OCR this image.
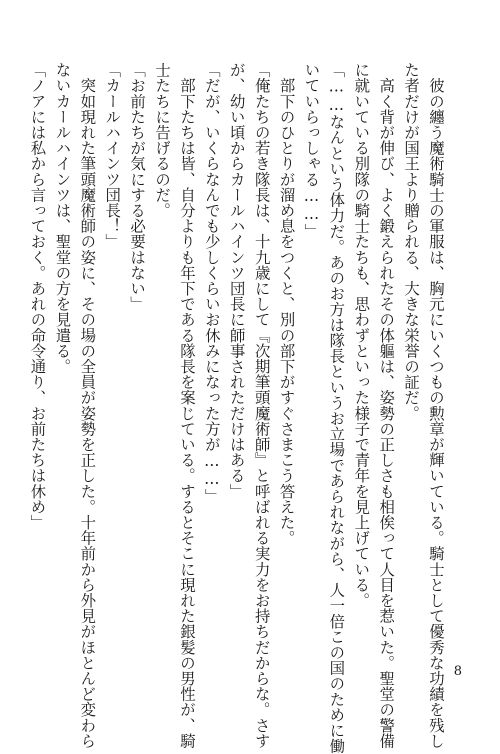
　彼の纏う魔術騎士の軍服は、胸元にいくつもの勲章が輝いている。騎士として優秀な功績を残し
た者だけが国王より贈られる、大きな栄誉の証だ。
　高く背が伸び、よく鍛えられたその体軀は、姿勢の正しさも相俟って人目を惹いた。聖堂の警備
に就いている別隊の騎士たちも、思わずといった様子で青年を見上げている。
「……なんという体力だ。あのお方は隊長というお立場であられながら、人一倍この国のために働
いていらっしゃる……」
　部下のひとりが溜め息をつくと、別の部下がすぐさまこう答えた。
「俺たちの若き隊長は、十九歳にして『次期筆頭魔術師』と呼ばれる実力をお持ちだからな。さす
が、幼い頃からカールハインツ団長に師事されただけはある」
「だが、いくらなんでも少しくらいお休みになった方が……」
　部下たちは皆、自分よりも年下である隊長を案じている。するとそこに現れた銀髪の男性が、騎
士たちに告げるのだ。
「お前たちが気にする必要はない」
「カールハインツ団長！」
　突如現れた筆頭魔術師の姿に、その場の全員が姿勢を正した。十年前から外見がほとんど変わら
ないカールハインツは、聖堂の方を見遣る。
「ノアには私から言っておく。あれの命令通り、お前たちは休め」
8
